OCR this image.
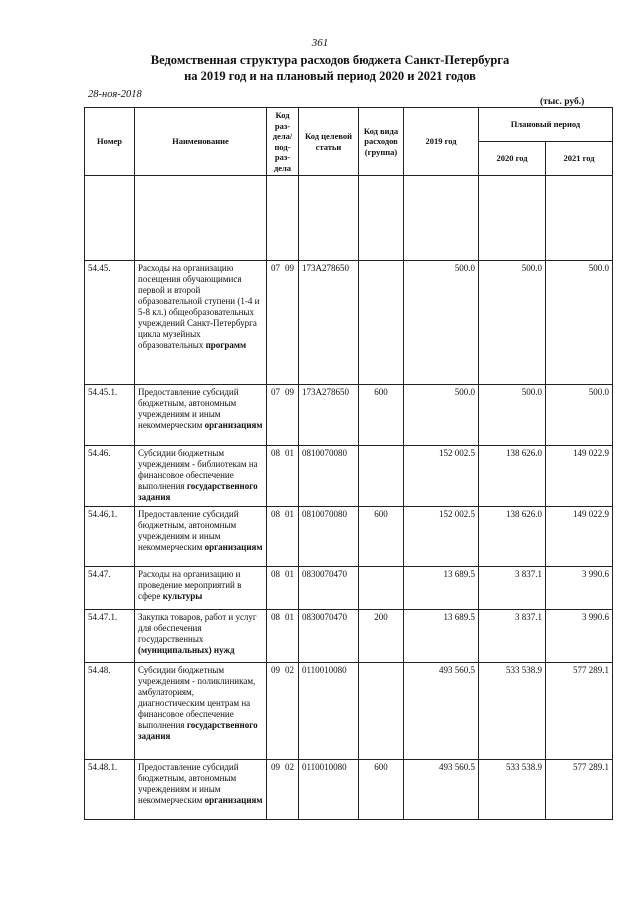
361
Ведомственная структура расходов бюджета Санкт-Петербурга
на 2019 год и на плановый период 2020 и 2021 годов
28-ноя-2018
(тыс. руб.)
Номер	Наименование	Код раз- дела/ под- раз- дела	Код целевой статьи	Код вида расходов (группа)	2019 год	Плановый период	
						2020 год	2021 год

54.45.	Расходы на организацию посещения обучающимися первой и второй образовательной ступени (1-4 и 5-8 кл.) общеобразовательных учреждений Санкт-Петербурга цикла музейных образовательных программ	07 09	173А278650		500.0	500.0	500.0
54.45.1.	Предоставление субсидий бюджетным, автономным учреждениям и иным некоммерческим организациям	07 09	173А278650	600	500.0	500.0	500.0
54.46.	Субсидии бюджетным учреждениям - библиотекам на финансовое обеспечение выполнения государственного задания	08 01	0810070080		152 002.5	138 626.0	149 022.9
54.46.1.	Предоставление субсидий бюджетным, автономным учреждениям и иным некоммерческим организациям	08 01	0810070080	600	152 002.5	138 626.0	149 022.9
54.47.	Расходы на организацию и проведение мероприятий в сфере культуры	08 01	0830070470		13 689.5	3 837.1	3 990.6
54.47.1.	Закупка товаров, работ и услуг для обеспечения государственных (муниципальных) нужд	08 01	0830070470	200	13 689.5	3 837.1	3 990.6
54.48.	Субсидии бюджетным учреждениям - поликлиникам, амбулаториям, диагностическим центрам на финансовое обеспечение выполнения государственного задания	09 02	0110010080		493 560.5	533 538.9	577 289.1
54.48.1.	Предоставление субсидий бюджетным, автономным учреждениям и иным некоммерческим организациям	09 02	0110010080	600	493 560.5	533 538.9	577 289.1
